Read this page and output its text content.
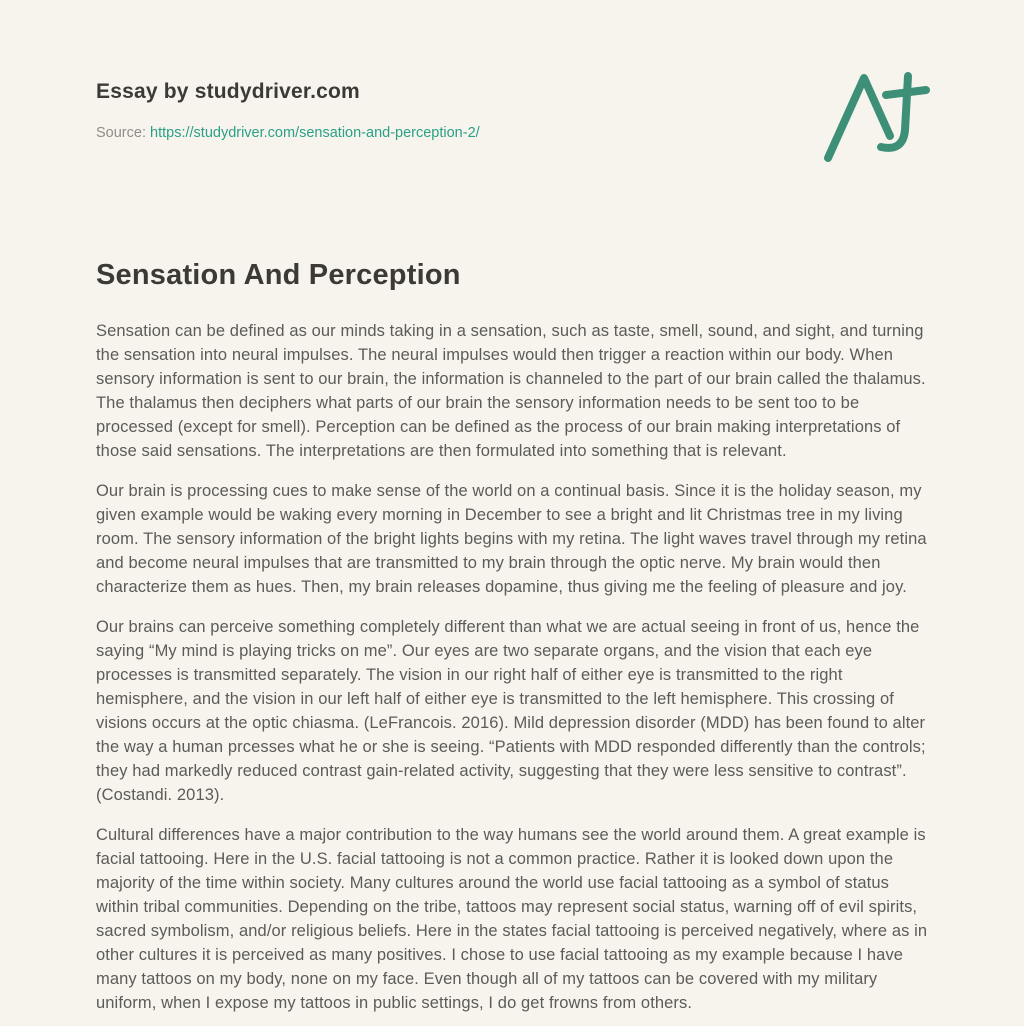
Essay by studydriver.com
Source: https://studydriver.com/sensation-and-perception-2/
Sensation And Perception

Sensation can be defined as our minds taking in a sensation, such as taste, smell, sound, and sight, and turning the sensation into neural impulses. The neural impulses would then trigger a reaction within our body. When sensory information is sent to our brain, the information is channeled to the part of our brain called the thalamus. The thalamus then deciphers what parts of our brain the sensory information needs to be sent too to be processed (except for smell). Perception can be defined as the process of our brain making interpretations of those said sensations. The interpretations are then formulated into something that is relevant.

Our brain is processing cues to make sense of the world on a continual basis. Since it is the holiday season, my given example would be waking every morning in December to see a bright and lit Christmas tree in my living room. The sensory information of the bright lights begins with my retina. The light waves travel through my retina and become neural impulses that are transmitted to my brain through the optic nerve. My brain would then characterize them as hues. Then, my brain releases dopamine, thus giving me the feeling of pleasure and joy.

Our brains can perceive something completely different than what we are actual seeing in front of us, hence the saying “My mind is playing tricks on me”. Our eyes are two separate organs, and the vision that each eye processes is transmitted separately. The vision in our right half of either eye is transmitted to the right hemisphere, and the vision in our left half of either eye is transmitted to the left hemisphere. This crossing of visions occurs at the optic chiasma. (LeFrancois. 2016). Mild depression disorder (MDD) has been found to alter the way a human prcesses what he or she is seeing. “Patients with MDD responded differently than the controls; they had markedly reduced contrast gain-related activity, suggesting that they were less sensitive to contrast”. (Costandi. 2013).

Cultural differences have a major contribution to the way humans see the world around them. A great example is facial tattooing. Here in the U.S. facial tattooing is not a common practice. Rather it is looked down upon the majority of the time within society. Many cultures around the world use facial tattooing as a symbol of status within tribal communities. Depending on the tribe, tattoos may represent social status, warning off of evil spirits, sacred symbolism, and/or religious beliefs. Here in the states facial tattooing is perceived negatively, where as in other cultures it is perceived as many positives. I chose to use facial tattooing as my example because I have many tattoos on my body, none on my face. Even though all of my tattoos can be covered with my military uniform, when I expose my tattoos in public settings, I do get frowns from others.
